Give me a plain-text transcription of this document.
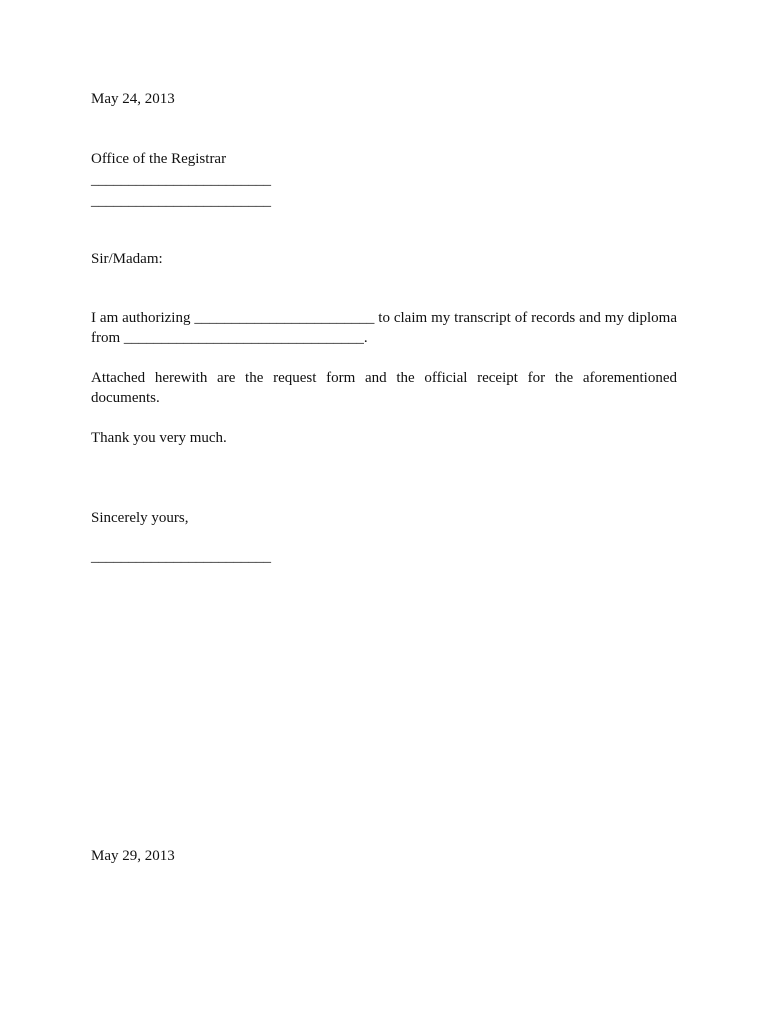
May 24, 2013
Office of the Registrar
________________________
________________________
Sir/Madam:
I am authorizing ________________________ to claim my transcript of records and my diploma
from ________________________________.
Attached herewith are the request form and the official receipt for the aforementioned
documents.
Thank you very much.
Sincerely yours,
________________________
May 29, 2013
